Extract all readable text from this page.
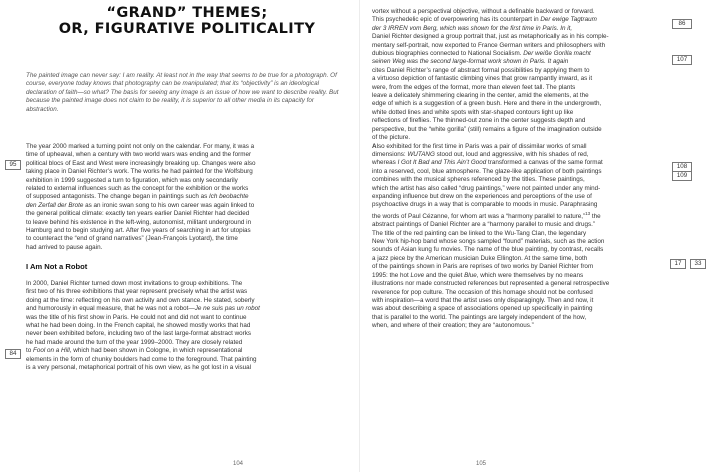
“GRAND” THEMES;
OR, FIGURATIVE POLITICALITY
The painted image can never say: I am reality. At least not in the way that seems to be true for a photograph. Of course, everyone today knows that photography can be manipulated; that its “objectivity” is an ideological declaration of faith—so what? The basis for seeing any image is an issue of how we want to describe reality. But because the painted image does not claim to be reality, it is superior to all other media in its capacity for abstraction.
The year 2000 marked a turning point not only on the calendar. For many, it was a
time of upheaval, when a century with two world wars was ending and the former
political blocs of East and West were increasingly breaking up. Changes were also
taking place in Daniel Richter’s work. The works he had painted for the Wolfsburg
exhibition in 1999 suggested a turn to figuration, which was only secondarily
related to external influences such as the concept for the exhibition or the works
of supposed antagonists. The change began in paintings such as Ich beobachte
den Zerfall der Brote as an ironic swan song to his own career was again linked to
the general political climate: exactly ten years earlier Daniel Richter had decided
to leave behind his existence in the left-wing, autonomist, militant underground in
Hamburg and to begin studying art. After five years of searching in art for utopias
to counteract the “end of grand narratives” (Jean-François Lyotard), the time
had arrived to pause again.
I Am Not a Robot
In 2000, Daniel Richter turned down most invitations to group exhibitions. The
first two of his three exhibitions that year represent precisely what the artist was
doing at the time: reflecting on his own activity and own stance. He stated, soberly
and humorously in equal measure, that he was not a robot—Je ne suis pas un robot
was the title of his first show in Paris. He could not and did not want to continue
what he had been doing. In the French capital, he showed mostly works that had
never been exhibited before, including two of the last large-format abstract works
he had made around the turn of the year 1999–2000. They are closely related
to Fool on a Hill, which had been shown in Cologne, in which representational
elements in the form of chunky boulders had come to the foreground. That painting
is a very personal, metaphorical portrait of his own view, as he got lost in a visual
vortex without a perspectival objective, without a definable backward or forward.
This psychedelic epic of overpowering has its counterpart in Der ewige Tagtraum
der 3 IRREN vom Berg, which was shown for the first time in Paris. In it,
Daniel Richter designed a group portrait that, just as metaphorically as in his comple-
mentary self-portrait, now exported to France German writers and philosophers with
dubious biographies connected to National Socialism. Der weiße Gorilla macht
seinen Weg was the second large-format work shown in Paris. It again
cites Daniel Richter’s range of abstract formal possibilities by applying them to
a virtuoso depiction of fantastic climbing vines that grow rampantly inward, as it
were, from the edges of the format, more than eleven feet tall. The plants
leave a delicately shimmering clearing in the center, amid the elements, at the
edge of which is a suggestion of a green bush. Here and there in the undergrowth,
white dotted lines and white spots with star-shaped contours light up like
reflections of fireflies. The thinned-out zone in the center suggests depth and
perspective, but the “white gorilla” (still) remains a figure of the imagination outside
of the picture.
Also exhibited for the first time in Paris was a pair of dissimilar works of small
dimensions: WUTANG stood out, loud and aggressive, with his shades of red,
whereas I Got It Bad and This Ain’t Good transformed a canvas of the same format
into a reserved, cool, blue atmosphere. The glaze-like application of both paintings
combines with the musical spheres referenced by the titles. These paintings,
which the artist has also called “drug paintings,” were not painted under any mind-
expanding influence but drew on the experiences and perceptions of the use of
psychoactive drugs in a way that is comparable to moods in music. Paraphrasing
the words of Paul Cézanne, for whom art was a “harmony parallel to nature,”$^{13}$ the
abstract paintings of Daniel Richter are a “harmony parallel to music and drugs.”
The title of the red painting can be linked to the Wu-Tang Clan, the legendary
New York hip-hop band whose songs sampled “found” materials, such as the action
sounds of Asian kung fu movies. The name of the blue painting, by contrast, recalls
a jazz piece by the American musician Duke Ellington. At the same time, both
of the paintings shown in Paris are reprises of two works by Daniel Richter from
1995: the hot Love and the quiet Blue, which were themselves by no means
illustrations nor made constructed references but represented a general retrospective
reverence for pop culture. The occasion of this homage should not be confused
with inspiration—a word that the artist uses only disparagingly. Then and now, it
was about describing a space of associations opened up specifically in painting
that is parallel to the world. The paintings are largely independent of the how,
when, and where of their creation; they are “autonomous.”
95
84
86
107
108
109
17	33
104	105
